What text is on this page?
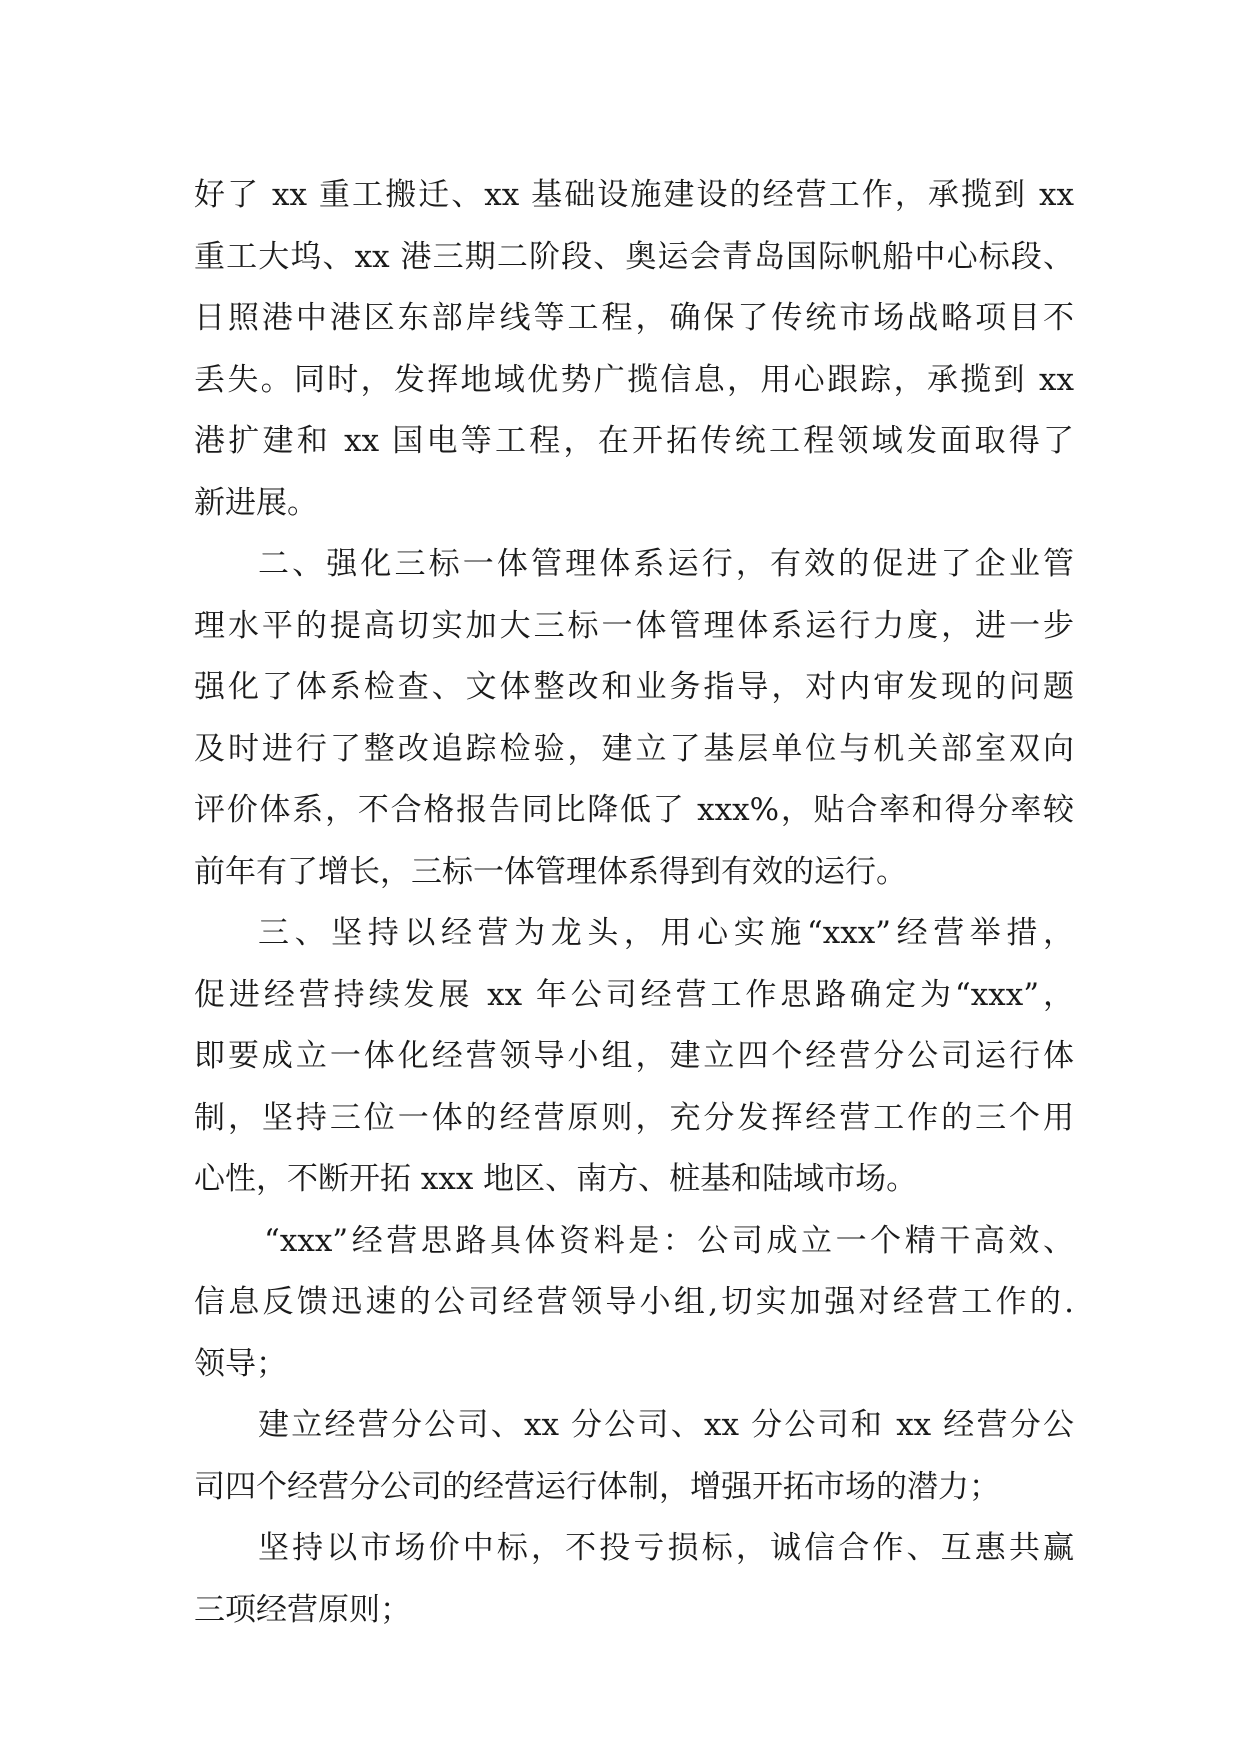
好了 xx 重工搬迁、xx 基础设施建设的经营工作，承揽到 xx
重工大坞、xx 港三期二阶段、奥运会青岛国际帆船中心标段、
日照港中港区东部岸线等工程，确保了传统市场战略项目不
丢失。同时，发挥地域优势广揽信息，用心跟踪，承揽到 xx
港扩建和 xx 国电等工程，在开拓传统工程领域发面取得了
新进展。
二、强化三标一体管理体系运行，有效的促进了企业管
理水平的提高切实加大三标一体管理体系运行力度，进一步
强化了体系检查、文体整改和业务指导，对内审发现的问题
及时进行了整改追踪检验，建立了基层单位与机关部室双向
评价体系，不合格报告同比降低了 xxx%，贴合率和得分率较
前年有了增长，三标一体管理体系得到有效的运行。
三、坚持以经营为龙头，用心实施“xxx”经营举措，
促进经营持续发展 xx 年公司经营工作思路确定为“xxx”，
即要成立一体化经营领导小组，建立四个经营分公司运行体
制，坚持三位一体的经营原则，充分发挥经营工作的三个用
心性，不断开拓 xxx 地区、南方、桩基和陆域市场。
“xxx”经营思路具体资料是：公司成立一个精干高效、
信息反馈迅速的公司经营领导小组,切实加强对经营工作的.
领导；
建立经营分公司、xx 分公司、xx 分公司和 xx 经营分公
司四个经营分公司的经营运行体制，增强开拓市场的潜力；
坚持以市场价中标，不投亏损标，诚信合作、互惠共赢
三项经营原则；
